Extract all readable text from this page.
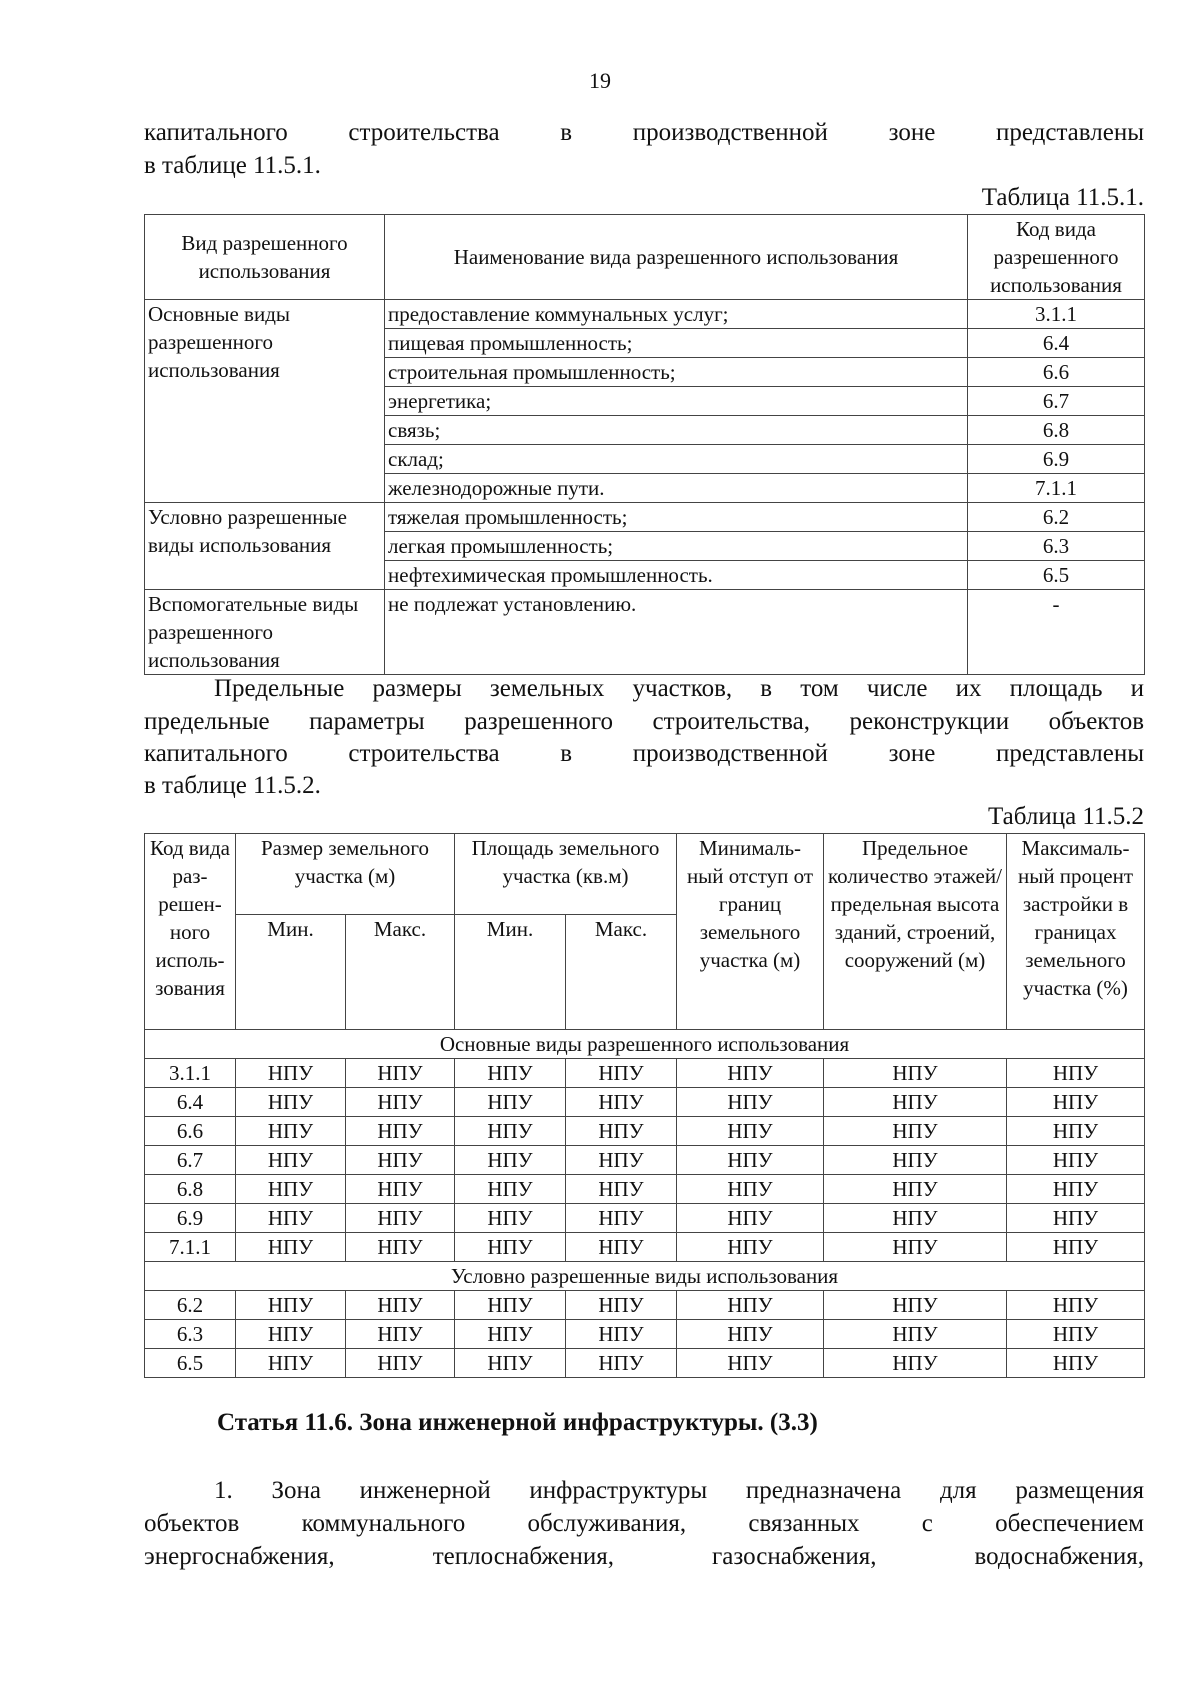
19
капитального строительства в производственной зоне представлены
в таблице 11.5.1.
Таблица 11.5.1.
Вид разрешенного использования	Наименование вида разрешенного использования	Код вида разрешенного использования
Основные виды разрешенного использования	предоставление коммунальных услуг;	3.1.1
	пищевая промышленность;	6.4
	строительная промышленность;	6.6
	энергетика;	6.7
	связь;	6.8
	склад;	6.9
	железнодорожные пути.	7.1.1
Условно разрешенные виды использования	тяжелая промышленность;	6.2
	легкая промышленность;	6.3
	нефтехимическая промышленность.	6.5
Вспомогательные виды разрешенного использования	не подлежат установлению.	-
Предельные размеры земельных участков, в том числе их площадь и
предельные параметры разрешенного строительства, реконструкции объектов
капитального строительства в производственной зоне представлены
в таблице 11.5.2.
Таблица 11.5.2
Код вида раз- решен- ного исполь- зования	Размер земельного участка (м)		Площадь земельного участка (кв.м)		Минималь- ный отступ от границ земельного участка (м)	Предельное количество этажей/ предельная высота зданий, строений, сооружений (м)	Максималь- ный процент застройки в границах земельного участка (%)
	Мин.	Макс.	Мин.	Макс.			
Основные виды разрешенного использования							
3.1.1	НПУ	НПУ	НПУ	НПУ	НПУ	НПУ	НПУ
6.4	НПУ	НПУ	НПУ	НПУ	НПУ	НПУ	НПУ
6.6	НПУ	НПУ	НПУ	НПУ	НПУ	НПУ	НПУ
6.7	НПУ	НПУ	НПУ	НПУ	НПУ	НПУ	НПУ
6.8	НПУ	НПУ	НПУ	НПУ	НПУ	НПУ	НПУ
6.9	НПУ	НПУ	НПУ	НПУ	НПУ	НПУ	НПУ
7.1.1	НПУ	НПУ	НПУ	НПУ	НПУ	НПУ	НПУ
Условно разрешенные виды использования							
6.2	НПУ	НПУ	НПУ	НПУ	НПУ	НПУ	НПУ
6.3	НПУ	НПУ	НПУ	НПУ	НПУ	НПУ	НПУ
6.5	НПУ	НПУ	НПУ	НПУ	НПУ	НПУ	НПУ
Статья 11.6. Зона инженерной инфраструктуры. (3.3)
1. Зона инженерной инфраструктуры предназначена для размещения
объектов коммунального обслуживания, связанных с обеспечением
энергоснабжения, теплоснабжения, газоснабжения, водоснабжения,
